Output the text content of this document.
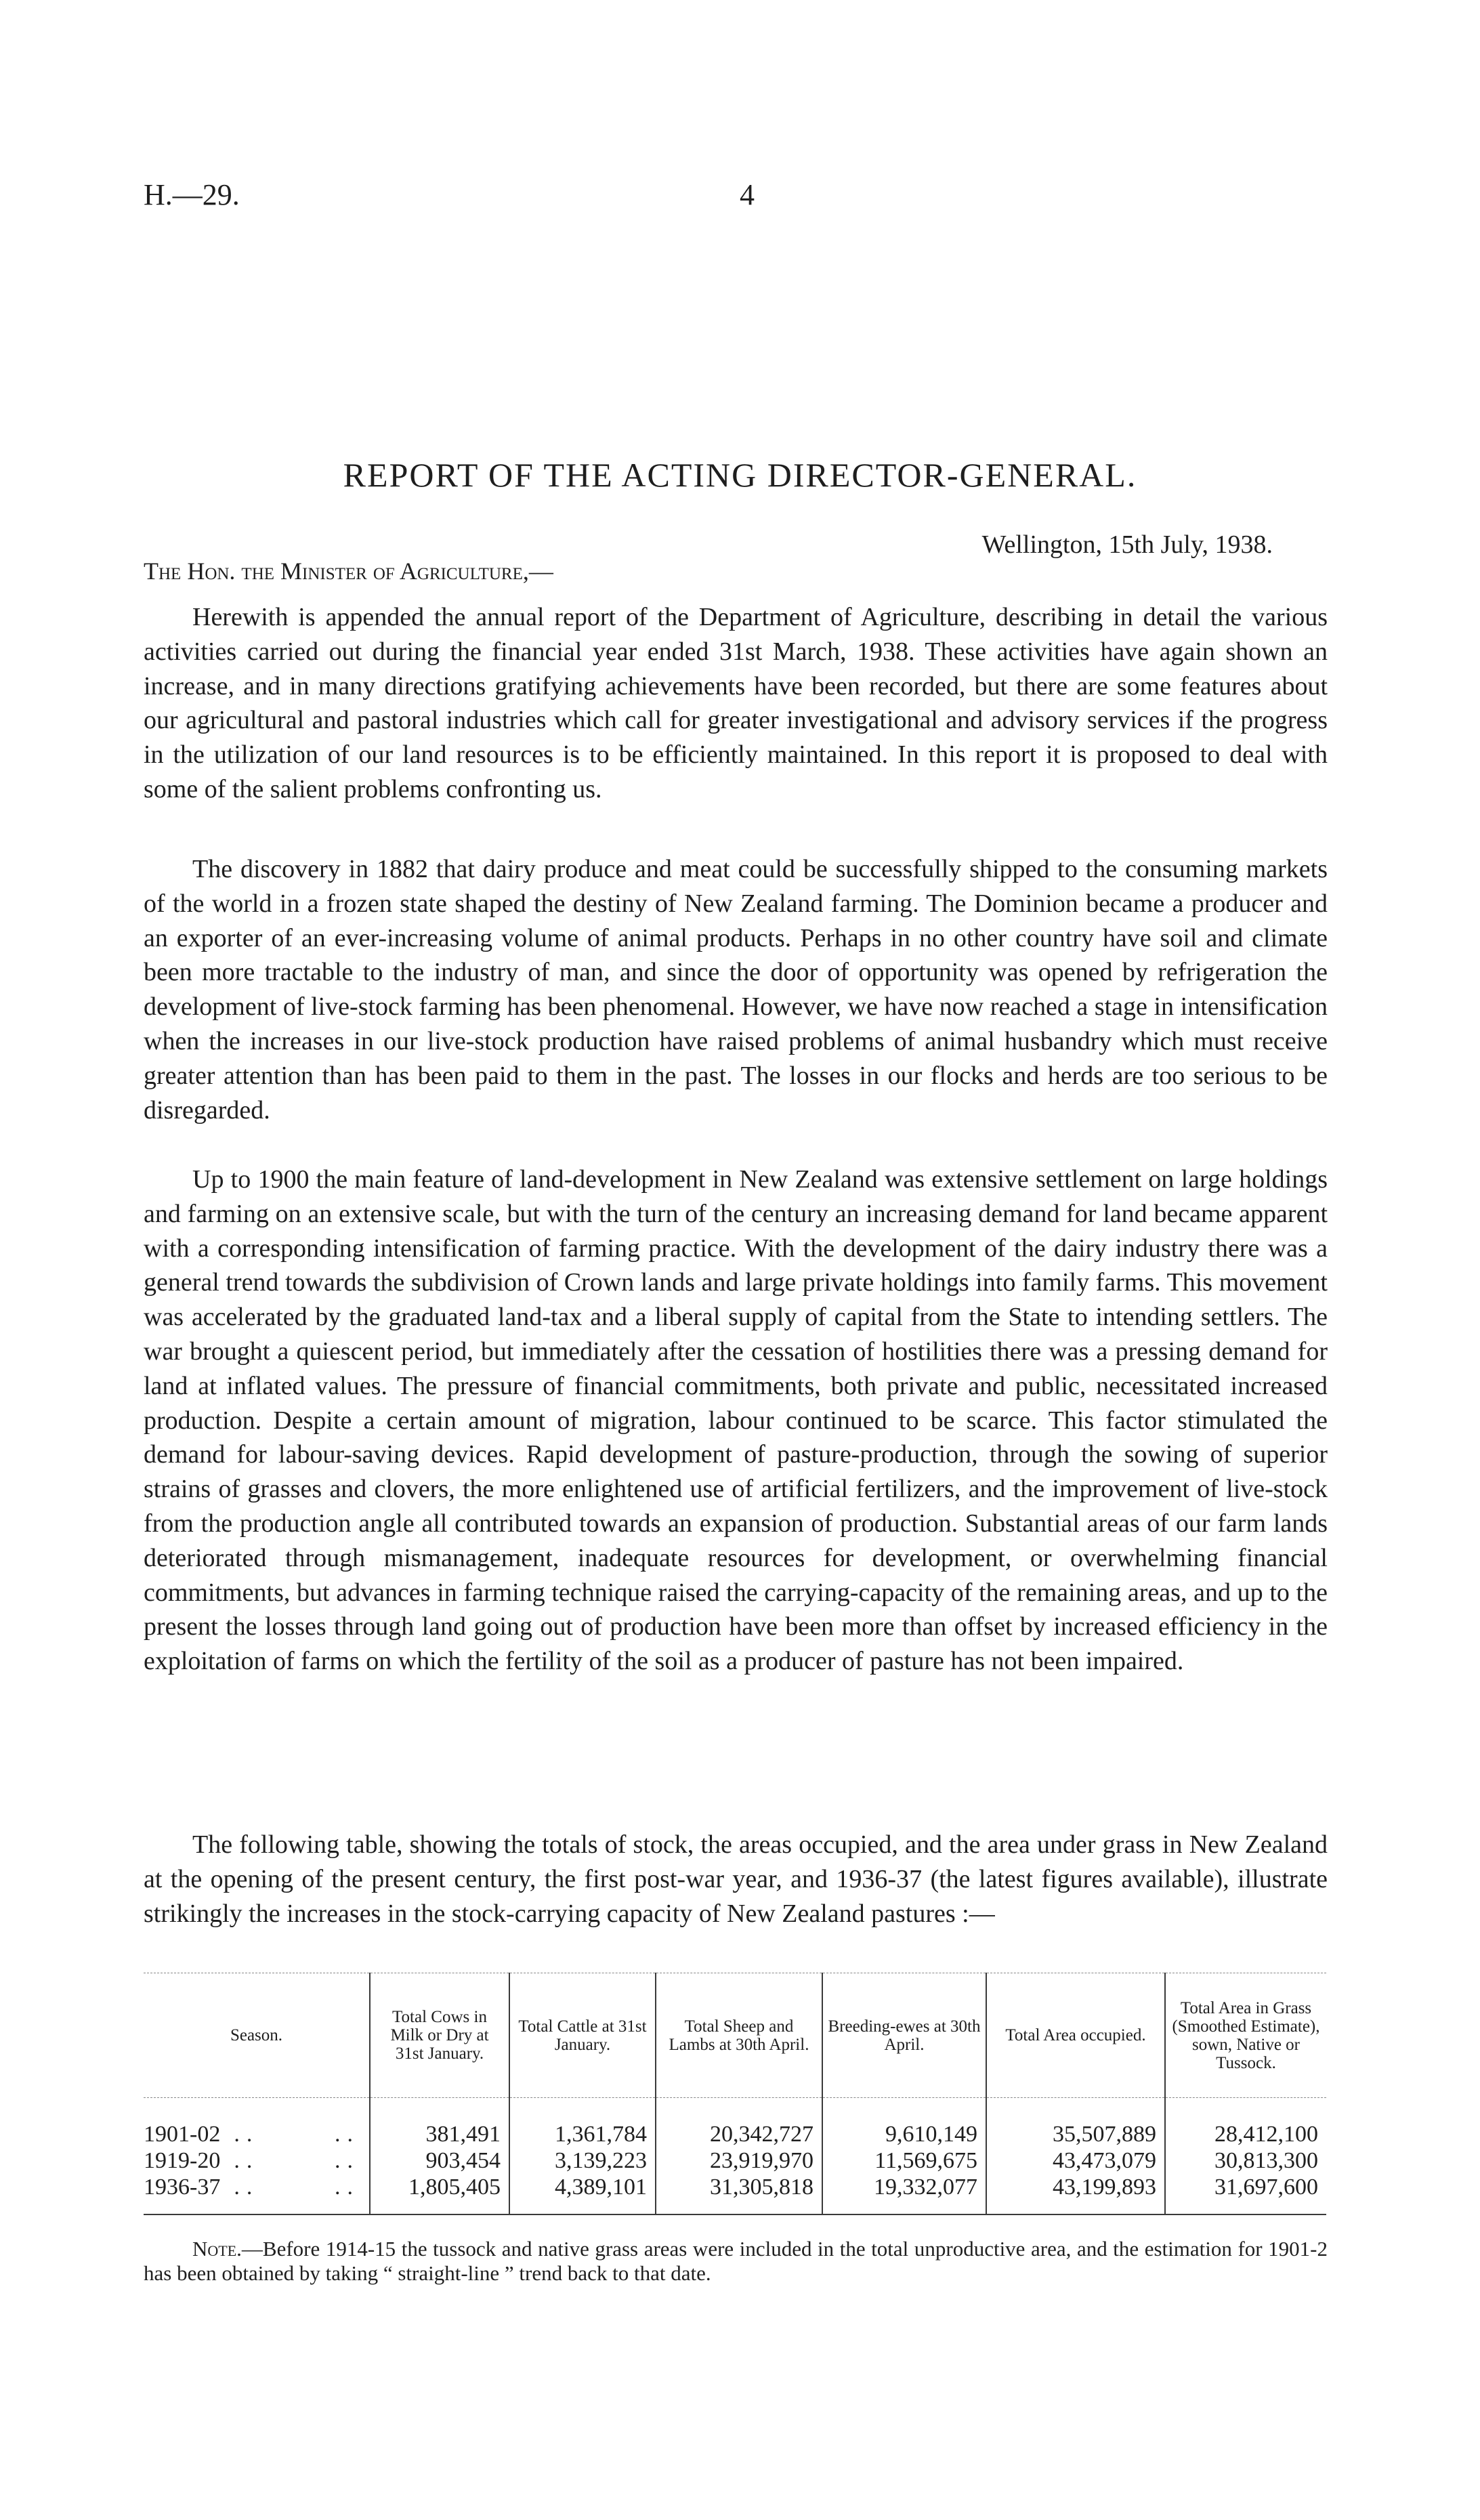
H.—29.	4
REPORT OF THE ACTING DIRECTOR-GENERAL.
Wellington, 15th July, 1938.
The Hon. the Minister of Agriculture,—

Herewith is appended the annual report of the Department of Agriculture, describing in detail the various activities carried out during the financial year ended 31st March, 1938. These activities have again shown an increase, and in many directions gratifying achievements have been recorded, but there are some features about our agricultural and pastoral industries which call for greater investigational and advisory services if the progress in the utilization of our land resources is to be efficiently maintained. In this report it is proposed to deal with some of the salient problems confronting us.

The discovery in 1882 that dairy produce and meat could be successfully shipped to the consuming markets of the world in a frozen state shaped the destiny of New Zealand farming. The Dominion became a producer and an exporter of an ever-increasing volume of animal products. Perhaps in no other country have soil and climate been more tractable to the industry of man, and since the door of opportunity was opened by refrigeration the development of live-stock farming has been phenomenal. However, we have now reached a stage in intensification when the increases in our live-stock production have raised problems of animal husbandry which must receive greater attention than has been paid to them in the past. The losses in our flocks and herds are too serious to be disregarded.

Up to 1900 the main feature of land-development in New Zealand was extensive settlement on large holdings and farming on an extensive scale, but with the turn of the century an increasing demand for land became apparent with a corresponding intensification of farming practice. With the development of the dairy industry there was a general trend towards the subdivision of Crown lands and large private holdings into family farms. This movement was accelerated by the graduated land-tax and a liberal supply of capital from the State to intending settlers. The war brought a quiescent period, but immediately after the cessation of hostilities there was a pressing demand for land at inflated values. The pressure of financial commitments, both private and public, necessitated increased production. Despite a certain amount of migration, labour continued to be scarce. This factor stimulated the demand for labour-saving devices. Rapid development of pasture-production, through the sowing of superior strains of grasses and clovers, the more enlightened use of artificial fertilizers, and the improvement of live-stock from the production angle all contributed towards an expansion of production. Substantial areas of our farm lands deteriorated through mismanagement, inadequate resources for development, or overwhelming financial commitments, but advances in farming technique raised the carrying-capacity of the remaining areas, and up to the present the losses through land going out of production have been more than offset by increased efficiency in the exploitation of farms on which the fertility of the soil as a producer of pasture has not been impaired.

The following table, showing the totals of stock, the areas occupied, and the area under grass in New Zealand at the opening of the present century, the first post-war year, and 1936-37 (the latest figures available), illustrate strikingly the increases in the stock-carrying capacity of New Zealand pastures :—

Season.	Total Cows in Milk or Dry at 31st January.	Total Cattle at 31st January.	Total Sheep and Lambs at 30th April.	Breeding-ewes at 30th April.	Total Area occupied.	Total Area in Grass (Smoothed Estimate), sown, Native or Tussock.
1901-02 .. ..	381,491	1,361,784	20,342,727	9,610,149	35,507,889	28,412,100
1919-20 .. ..	903,454	3,139,223	23,919,970	11,569,675	43,473,079	30,813,300
1936-37 .. ..	1,805,405	4,389,101	31,305,818	19,332,077	43,199,893	31,697,600

Note.—Before 1914-15 the tussock and native grass areas were included in the total unproductive area, and the estimation for 1901-2 has been obtained by taking “ straight-line ” trend back to that date.
